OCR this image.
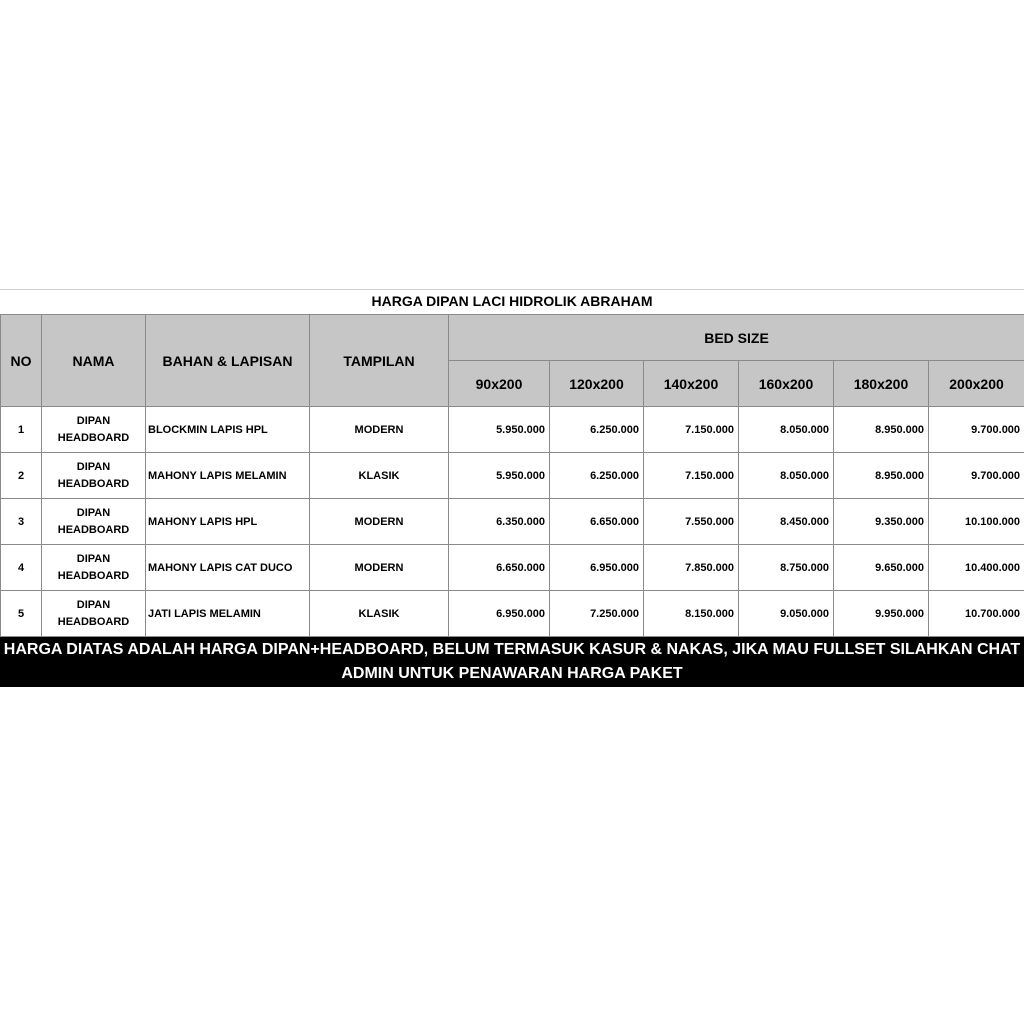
HARGA DIPAN LACI HIDROLIK ABRAHAM
NO	NAMA	BAHAN & LAPISAN	TAMPILAN	BED SIZE					
				90x200	120x200	140x200	160x200	180x200	200x200
1	DIPAN
HEADBOARD	BLOCKMIN LAPIS HPL	MODERN	5.950.000	6.250.000	7.150.000	8.050.000	8.950.000	9.700.000
2	DIPAN
HEADBOARD	MAHONY LAPIS MELAMIN	KLASIK	5.950.000	6.250.000	7.150.000	8.050.000	8.950.000	9.700.000
3	DIPAN
HEADBOARD	MAHONY LAPIS HPL	MODERN	6.350.000	6.650.000	7.550.000	8.450.000	9.350.000	10.100.000
4	DIPAN
HEADBOARD	MAHONY LAPIS CAT DUCO	MODERN	6.650.000	6.950.000	7.850.000	8.750.000	9.650.000	10.400.000
5	DIPAN
HEADBOARD	JATI LAPIS MELAMIN	KLASIK	6.950.000	7.250.000	8.150.000	9.050.000	9.950.000	10.700.000
HARGA DIATAS ADALAH HARGA DIPAN+HEADBOARD, BELUM TERMASUK KASUR & NAKAS, JIKA MAU FULLSET SILAHKAN CHAT
ADMIN UNTUK PENAWARAN HARGA PAKET
